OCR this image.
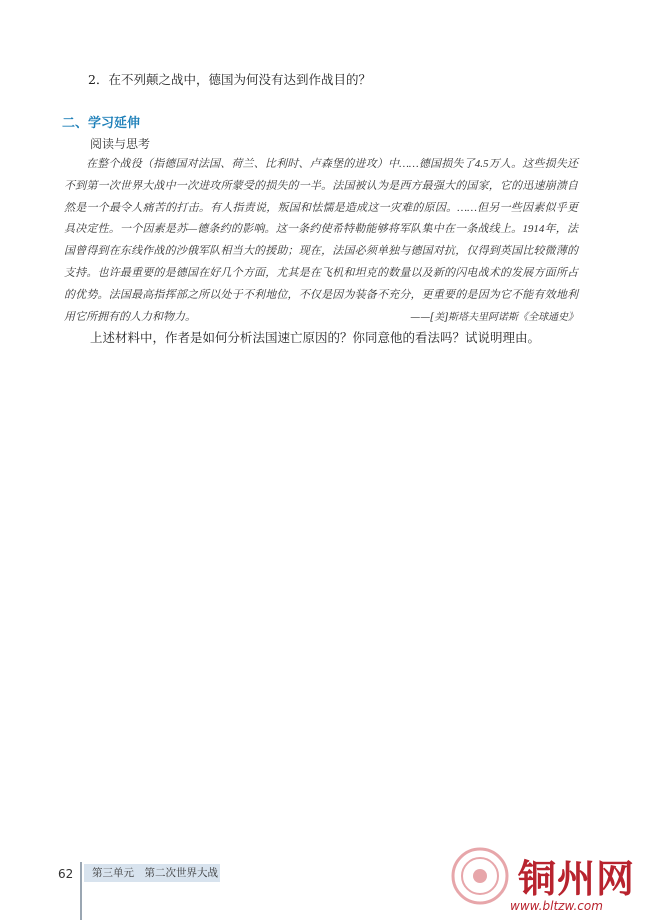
2．在不列颠之战中，德国为何没有达到作战目的？
二、学习延伸
阅读与思考

在整个战役（指德国对法国、荷兰、比利时、卢森堡的进攻）中……德国损失了4.5万人。这些损失还不到第一次世界大战中一次进攻所蒙受的损失的一半。法国被认为是西方最强大的国家，它的迅速崩溃自然是一个最令人痛苦的打击。有人指责说，叛国和怯懦是造成这一灾难的原因。……但另一些因素似乎更具决定性。一个因素是苏—德条约的影响。这一条约使希特勒能够将军队集中在一条战线上。1914年，法国曾得到在东线作战的沙俄军队相当大的援助；现在，法国必须单独与德国对抗，仅得到英国比较微薄的支持。也许最重要的是德国在好几个方面，尤其是在飞机和坦克的数量以及新的闪电战术的发展方面所占的优势。法国最高指挥部之所以处于不利地位，不仅是因为装备不充分，更重要的是因为它不能有效地利用它所拥有的人力和物力。	——[美]斯塔夫里阿诺斯《全球通史》
上述材料中，作者是如何分析法国速亡原因的？你同意他的看法吗？试说明理由。
62	第三单元　第二次世界大战	铜州网
www.bltzw.com
